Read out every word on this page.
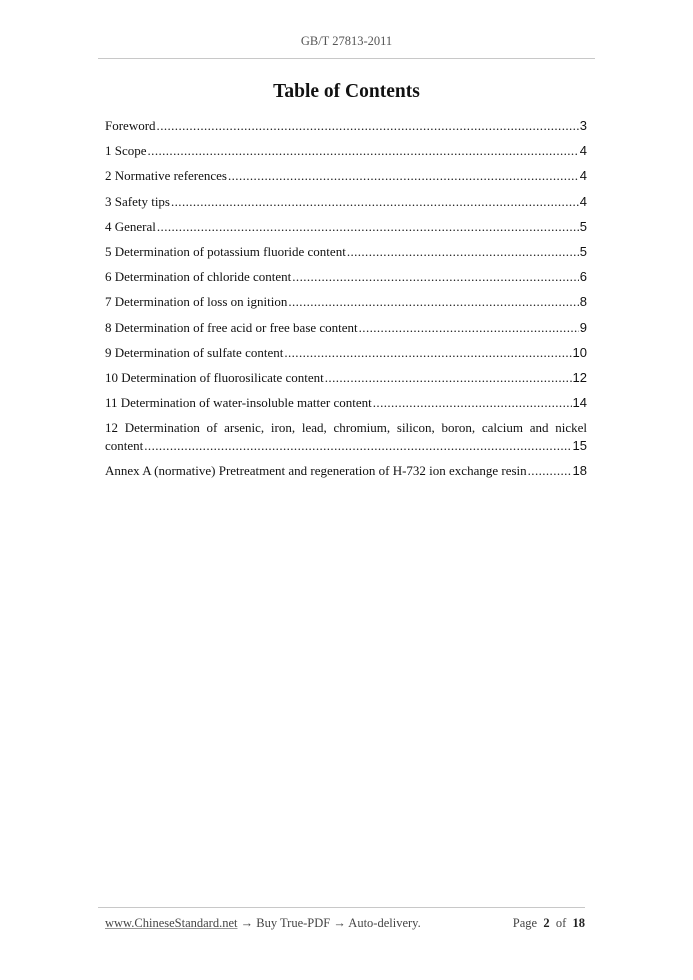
GB/T 27813-2011
Table of Contents
Foreword .....	3
1 Scope .....	4
2 Normative references .....	4
3 Safety tips .....	4
4 General .....	5
5 Determination of potassium fluoride content .....	5
6 Determination of chloride content .....	6
7 Determination of loss on ignition .....	8
8 Determination of free acid or free base content .....	9
9 Determination of sulfate content .....	10
10 Determination of fluorosilicate content .....	12
11 Determination of water-insoluble matter content .....	14
12 Determination of arsenic, iron, lead, chromium, silicon, boron, calcium and nickel
content .....	15
Annex A (normative) Pretreatment and regeneration of H-732 ion exchange resin .....	18
www.ChineseStandard.net → Buy True-PDF → Auto-delivery.	Page 2 of 18
